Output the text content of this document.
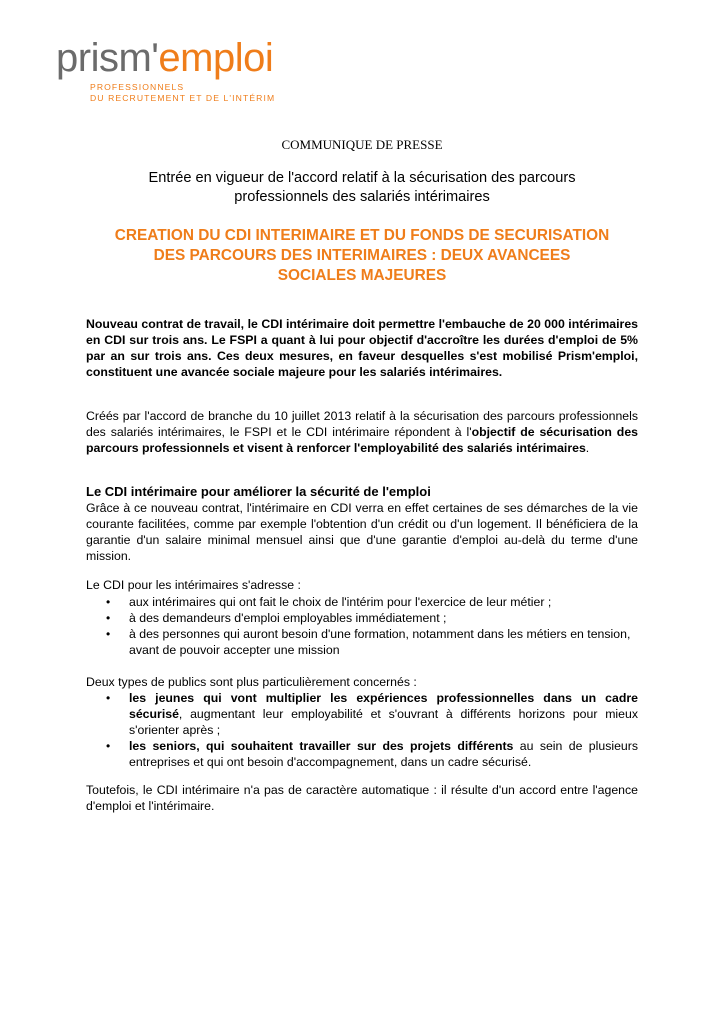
prism'emploi
PROFESSIONNELS
DU RECRUTEMENT ET DE L'INTÉRIM
COMMUNIQUE DE PRESSE
Entrée en vigueur de l'accord relatif à la sécurisation des parcours
professionnels des salariés intérimaires
CREATION DU CDI INTERIMAIRE ET DU FONDS DE SECURISATION
DES PARCOURS DES INTERIMAIRES : DEUX AVANCEES
SOCIALES MAJEURES
Nouveau contrat de travail, le CDI intérimaire doit permettre l'embauche de 20 000 intérimaires en CDI sur trois ans. Le FSPI a quant à lui pour objectif d'accroître les durées d'emploi de 5% par an sur trois ans. Ces deux mesures, en faveur desquelles s'est mobilisé Prism'emploi, constituent une avancée sociale majeure pour les salariés intérimaires.
Créés par l'accord de branche du 10 juillet 2013 relatif à la sécurisation des parcours professionnels des salariés intérimaires, le FSPI et le CDI intérimaire répondent à l'objectif de sécurisation des parcours professionnels et visent à renforcer l'employabilité des salariés intérimaires.
Le CDI intérimaire pour améliorer la sécurité de l'emploi
Grâce à ce nouveau contrat, l'intérimaire en CDI verra en effet certaines de ses démarches de la vie courante facilitées, comme par exemple l'obtention d'un crédit ou d'un logement. Il bénéficiera de la garantie d'un salaire minimal mensuel ainsi que d'une garantie d'emploi au-delà du terme d'une mission.
Le CDI pour les intérimaires s'adresse :
• aux intérimaires qui ont fait le choix de l'intérim pour l'exercice de leur métier ;
• à des demandeurs d'emploi employables immédiatement ;
• à des personnes qui auront besoin d'une formation, notamment dans les métiers en tension, avant de pouvoir accepter une mission
Deux types de publics sont plus particulièrement concernés :
• les jeunes qui vont multiplier les expériences professionnelles dans un cadre sécurisé, augmentant leur employabilité et s'ouvrant à différents horizons pour mieux s'orienter après ;
• les seniors, qui souhaitent travailler sur des projets différents au sein de plusieurs entreprises et qui ont besoin d'accompagnement, dans un cadre sécurisé.
Toutefois, le CDI intérimaire n'a pas de caractère automatique : il résulte d'un accord entre l'agence d'emploi et l'intérimaire.
